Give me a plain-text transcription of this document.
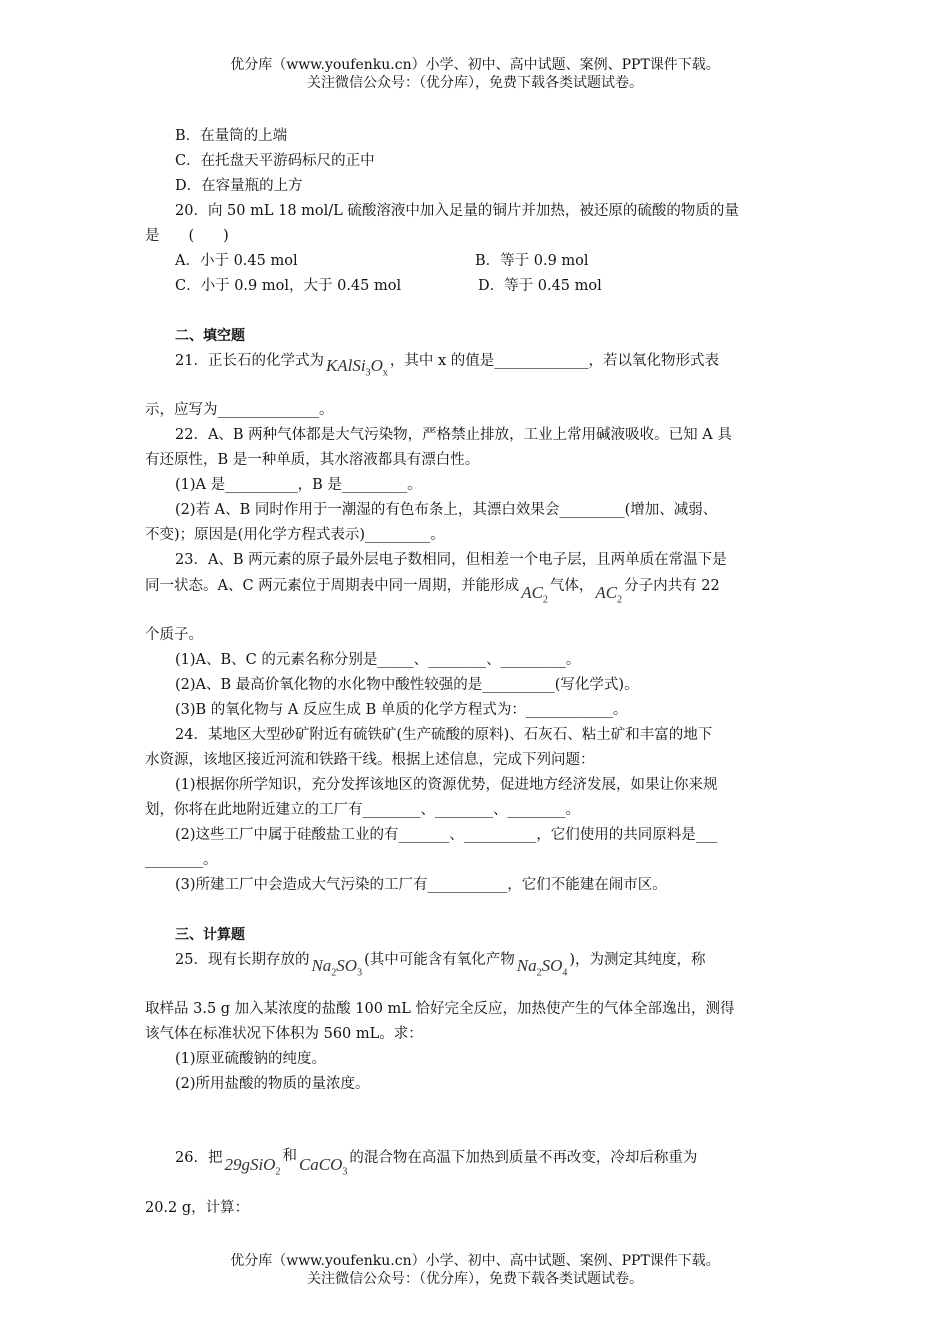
优分库（www.youfenku.cn）小学、初中、高中试题、案例、PPT课件下载。
关注微信公众号：（优分库），免费下载各类试题试卷。
B．在量筒的上端
C．在托盘天平游码标尺的正中
D．在容量瓶的上方
20．向 50 mL 18 mol/L 硫酸溶液中加入足量的铜片并加热，被还原的硫酸的物质的量
是　　(　　)
A．小于 0.45 mol	B．等于 0.9 mol
C．小于 0.9 mol，大于 0.45 mol	D．等于 0.45 mol
二、填空题
21．正长石的化学式为 $KAlSi_3O_x$，其中 x 的值是_____________，若以氧化物形式表
示，应写为______________。
22．A、B 两种气体都是大气污染物，严格禁止排放，工业上常用碱液吸收。已知 A 具
有还原性，B 是一种单质，其水溶液都具有漂白性。
(1)A 是__________，B 是_________。
(2)若 A、B 同时作用于一潮湿的有色布条上，其漂白效果会_________(增加、减弱、
不变)；原因是(用化学方程式表示)_________。
23．A、B 两元素的原子最外层电子数相同，但相差一个电子层，且两单质在常温下是
同一状态。A、C 两元素位于周期表中同一周期，并能形成 $AC_2$气体， $AC_2$分子内共有 22
个质子。
(1)A、B、C 的元素名称分别是_____、________、_________。
(2)A、B 最高价氧化物的水化物中酸性较强的是__________(写化学式)。
(3)B 的氧化物与 A 反应生成 B 单质的化学方程式为：____________。
24．某地区大型砂矿附近有硫铁矿(生产硫酸的原料)、石灰石、粘土矿和丰富的地下
水资源，该地区接近河流和铁路干线。根据上述信息，完成下列问题：
(1)根据你所学知识，充分发挥该地区的资源优势，促进地方经济发展，如果让你来规
划，你将在此地附近建立的工厂有________、________、________。
(2)这些工厂中属于硅酸盐工业的有_______、__________，它们使用的共同原料是___
________。
(3)所建工厂中会造成大气污染的工厂有___________，它们不能建在闹市区。
三、计算题
25．现有长期存放的 $Na_2SO_3$(其中可能含有氧化产物 $Na_2SO_4$)，为测定其纯度，称
取样品 3.5 g 加入某浓度的盐酸 100 mL 恰好完全反应，加热使产生的气体全部逸出，测得
该气体在标准状况下体积为 560 mL。求：
(1)原亚硫酸钠的纯度。
(2)所用盐酸的物质的量浓度。
26．把 29gSiO$_2$和 CaCO$_3$的混合物在高温下加热到质量不再改变，冷却后称重为
20.2 g，计算：
优分库（www.youfenku.cn）小学、初中、高中试题、案例、PPT课件下载。
关注微信公众号：（优分库），免费下载各类试题试卷。
